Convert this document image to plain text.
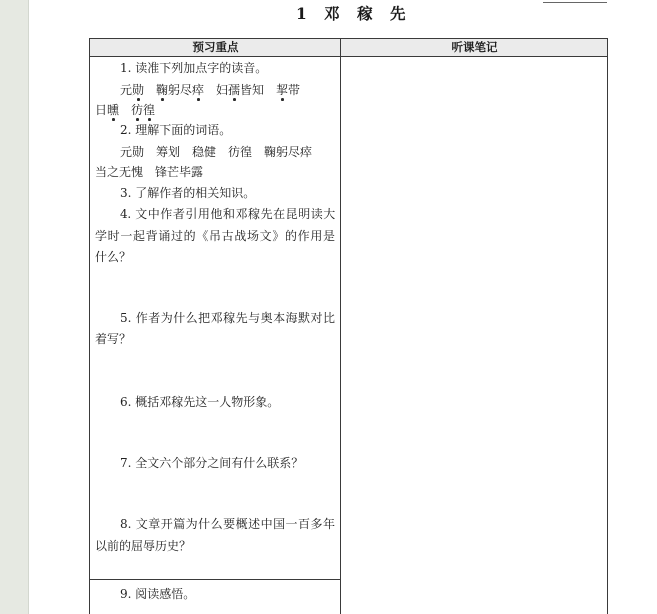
1 邓 稼 先
预习重点	听课笔记
1. 读准下列加点字的读音。
元勋　鞠躬尽瘁　妇孺皆知　挈带
日曛　彷徨
2. 理解下面的词语。
元勋　筹划　稳健　彷徨　鞠躬尽瘁
当之无愧　锋芒毕露
3. 了解作者的相关知识。
4. 文中作者引用他和邓稼先在昆明读大
学时一起背诵过的《吊古战场文》的作用是
什么？
5. 作者为什么把邓稼先与奥本海默对比
着写？
6. 概括邓稼先这一人物形象。
7. 全文六个部分之间有什么联系？
8. 文章开篇为什么要概述中国一百多年
以前的屈辱历史？
9. 阅读感悟。
